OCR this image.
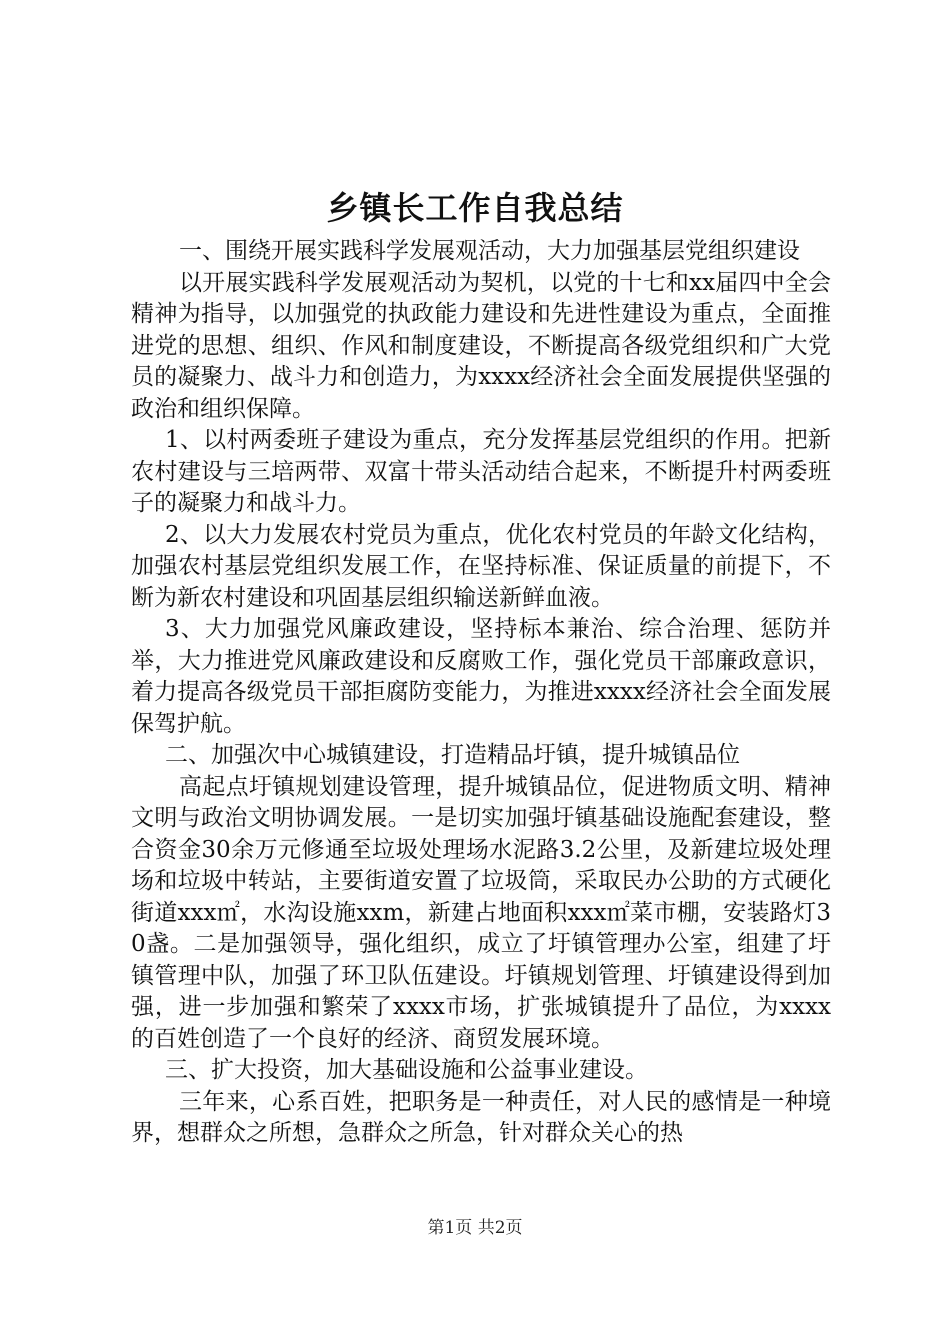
乡镇长工作自我总结

一、围绕开展实践科学发展观活动，大力加强基层党组织建设

以开展实践科学发展观活动为契机，以党的十七和xx届四中全会精神为指导，以加强党的执政能力建设和先进性建设为重点，全面推进党的思想、组织、作风和制度建设，不断提高各级党组织和广大党员的凝聚力、战斗力和创造力，为xxxx经济社会全面发展提供坚强的政治和组织保障。

1、以村两委班子建设为重点，充分发挥基层党组织的作用。把新农村建设与三培两带、双富十带头活动结合起来，不断提升村两委班子的凝聚力和战斗力。

2、以大力发展农村党员为重点，优化农村党员的年龄文化结构，加强农村基层党组织发展工作，在坚持标准、保证质量的前提下，不断为新农村建设和巩固基层组织输送新鲜血液。

3、大力加强党风廉政建设，坚持标本兼治、综合治理、惩防并举，大力推进党风廉政建设和反腐败工作，强化党员干部廉政意识，着力提高各级党员干部拒腐防变能力，为推进xxxx经济社会全面发展保驾护航。

二、加强次中心城镇建设，打造精品圩镇，提升城镇品位

高起点圩镇规划建设管理，提升城镇品位，促进物质文明、精神文明与政治文明协调发展。一是切实加强圩镇基础设施配套建设，整合资金30余万元修通至垃圾处理场水泥路3.2公里，及新建垃圾处理场和垃圾中转站，主要街道安置了垃圾筒，采取民办公助的方式硬化街道xxx㎡，水沟设施xxm，新建占地面积xxx㎡菜市棚，安装路灯30盏。二是加强领导，强化组织，成立了圩镇管理办公室，组建了圩镇管理中队，加强了环卫队伍建设。圩镇规划管理、圩镇建设得到加强，进一步加强和繁荣了xxxx市场，扩张城镇提升了品位，为xxxx的百姓创造了一个良好的经济、商贸发展环境。

三、扩大投资，加大基础设施和公益事业建设。

三年来，心系百姓，把职务是一种责任，对人民的感情是一种境界，想群众之所想，急群众之所急，针对群众关心的热

第1页 共2页
